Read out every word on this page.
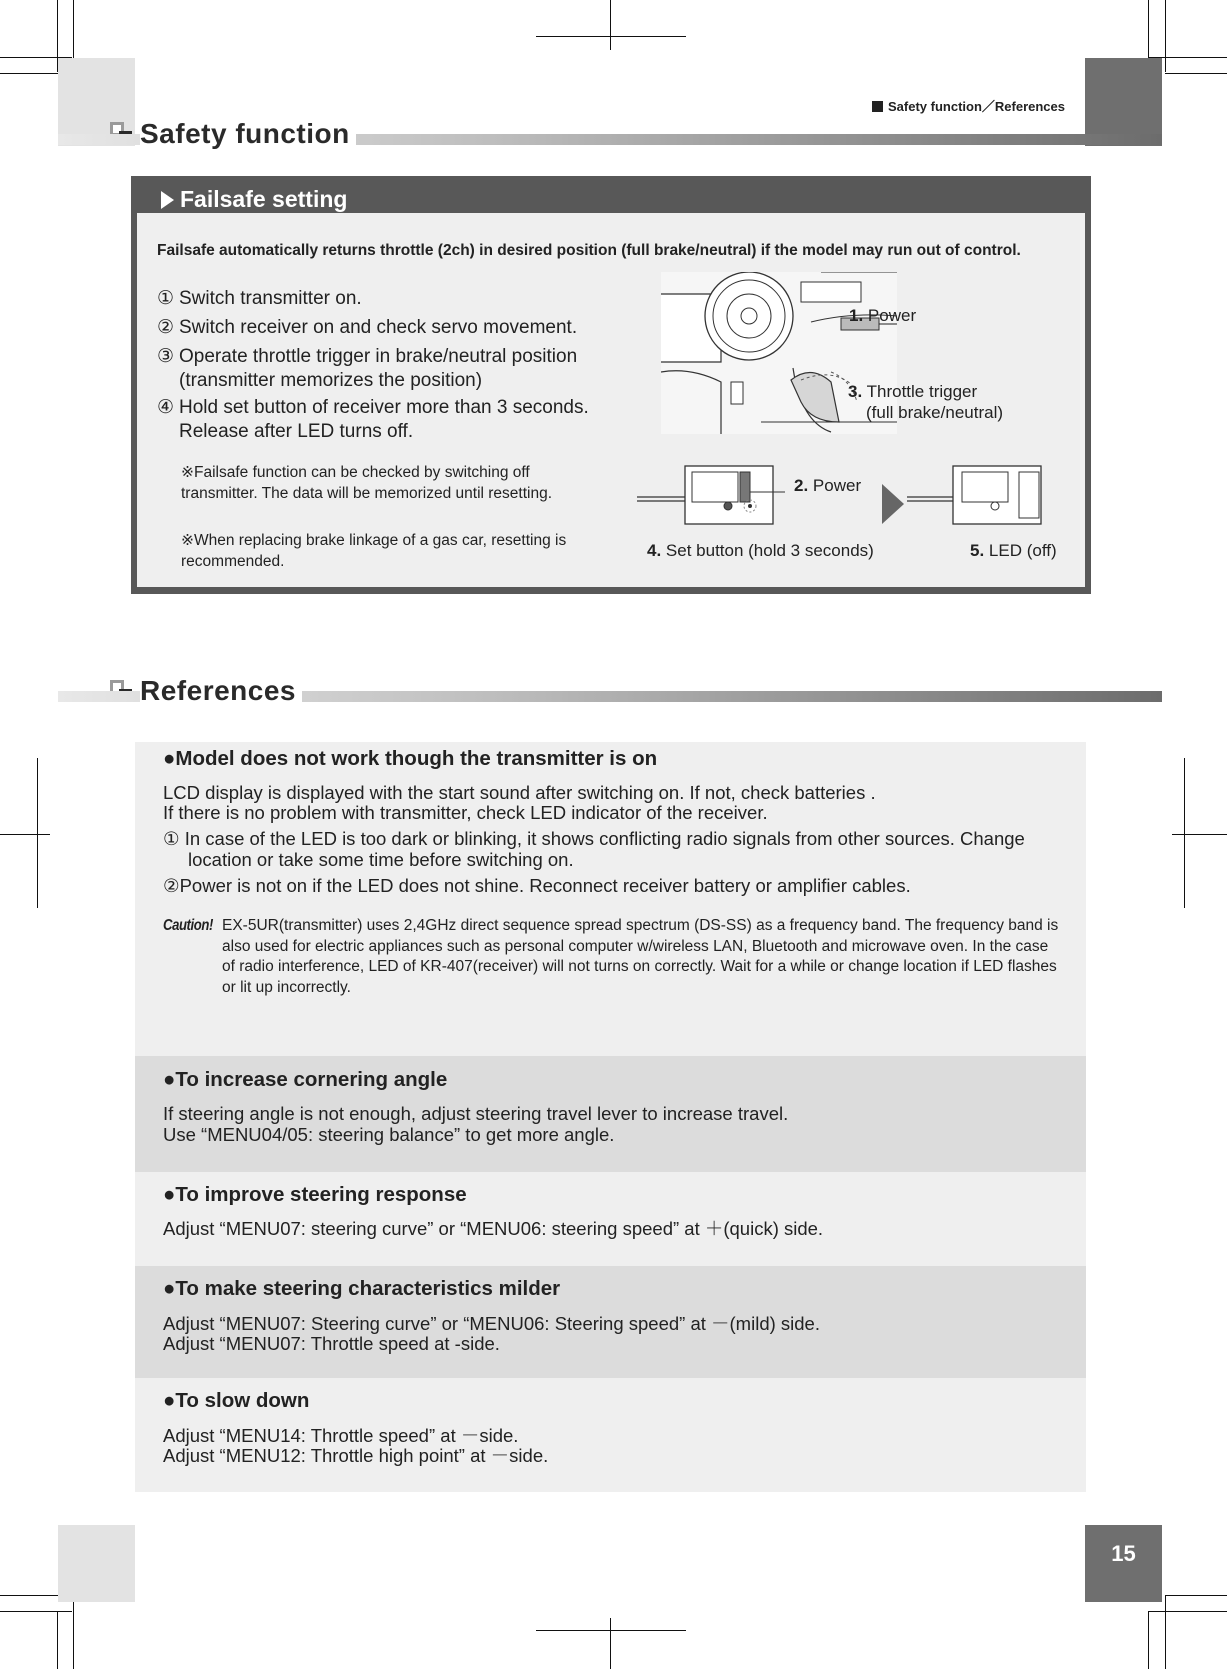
Safety function／References
Safety function
Failsafe setting
Failsafe automatically returns throttle (2ch) in desired position (full brake/neutral) if the model may run out of control.
① Switch transmitter on.
② Switch receiver on and check servo movement.
③ Operate throttle trigger in brake/neutral position
(transmitter memorizes the position)
④ Hold set button of receiver more than 3 seconds.
Release after LED turns off.
※Failsafe function can be checked by switching off transmitter. The data will be memorized until resetting.
※When replacing brake linkage of a gas car, resetting is recommended.
1. Power
3. Throttle trigger
(full brake/neutral)
2. Power
4. Set button (hold 3 seconds)	5. LED (off)
References
●Model does not work though the transmitter is on
LCD display is displayed with the start sound after switching on. If not, check batteries .
If there is no problem with transmitter, check LED indicator of the receiver.
① In case of the LED is too dark or blinking, it shows conflicting radio signals from other sources. Change location or take some time before switching on.
②Power is not on if the LED does not shine. Reconnect receiver battery or amplifier cables.
Caution! EX-5UR(transmitter) uses 2,4GHz direct sequence spread spectrum (DS-SS) as a frequency band. The frequency band is also used for electric appliances such as personal computer w/wireless LAN, Bluetooth and microwave oven. In the case of radio interference, LED of KR-407(receiver) will not turns on correctly. Wait for a while or change location if LED flashes or lit up incorrectly.
●To increase cornering angle
If steering angle is not enough, adjust steering travel lever to increase travel.
Use “MENU04/05: steering balance” to get more angle.
●To improve steering response
Adjust “MENU07: steering curve” or “MENU06: steering speed” at ＋(quick) side.
●To make steering characteristics milder
Adjust “MENU07: Steering curve” or “MENU06: Steering speed” at －(mild) side.
Adjust “MENU07: Throttle speed at -side.
●To slow down
Adjust “MENU14: Throttle speed” at －side.
Adjust “MENU12: Throttle high point” at －side.
15
